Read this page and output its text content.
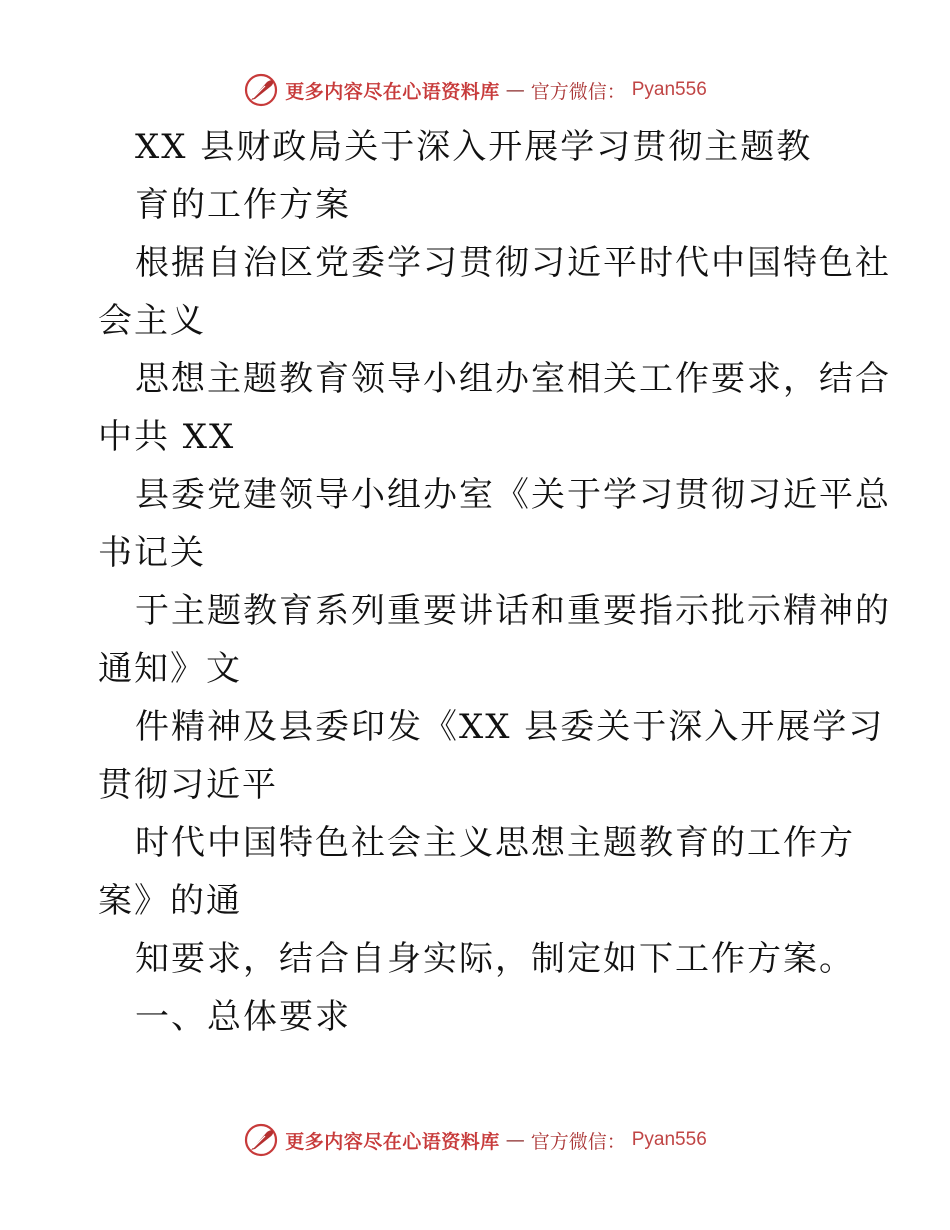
更多内容尽在心语资料库 — 官方微信： Pyan556
XX 县财政局关于深入开展学习贯彻主题教
育的工作方案
根据自治区党委学习贯彻习近平时代中国特色社
会主义
思想主题教育领导小组办室相关工作要求，结合
中共 XX
县委党建领导小组办室《关于学习贯彻习近平总
书记关
于主题教育系列重要讲话和重要指示批示精神的
通知》文
件精神及县委印发《XX 县委关于深入开展学习
贯彻习近平
时代中国特色社会主义思想主题教育的工作方
案》的通
知要求，结合自身实际，制定如下工作方案。
一、总体要求
更多内容尽在心语资料库 — 官方微信： Pyan556
